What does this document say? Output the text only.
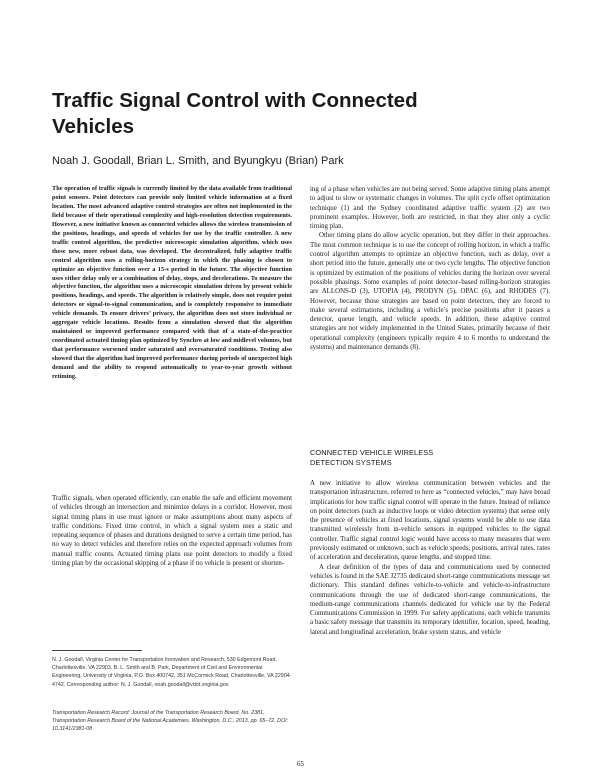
Traffic Signal Control with Connected Vehicles
Noah J. Goodall, Brian L. Smith, and Byungkyu (Brian) Park

The operation of traffic signals is currently limited by the data available from traditional point sensors. Point detectors can provide only limited vehicle information at a fixed location. The most advanced adaptive control strategies are often not implemented in the field because of their operational complexity and high-resolution detection requirements. However, a new initiative known as connected vehicles allows the wireless transmission of the positions, headings, and speeds of vehicles for use by the traffic controller. A new traffic control algorithm, the predictive microscopic simulation algorithm, which uses these new, more robust data, was developed. The decentralized, fully adaptive traffic control algorithm uses a rolling-horizon strategy in which the phasing is chosen to optimize an objective function over a 15-s period in the future. The objective function uses either delay only or a combination of delay, stops, and decelerations. To measure the objective function, the algorithm uses a microscopic simulation driven by present vehicle positions, headings, and speeds. The algorithm is relatively simple, does not require point detectors or signal-to-signal communication, and is completely responsive to immediate vehicle demands. To ensure drivers’ privacy, the algorithm does not store individual or aggregate vehicle locations. Results from a simulation showed that the algorithm maintained or improved performance compared with that of a state-of-the-practice coordinated actuated timing plan optimized by Synchro at low and midlevel volumes, but that performance worsened under saturated and oversaturated conditions. Testing also showed that the algorithm had improved performance during periods of unexpected high demand and the ability to respond automatically to year-to-year growth without retiming.

Traffic signals, when operated efficiently, can enable the safe and efficient movement of vehicles through an intersection and minimize delays in a corridor. However, most signal timing plans in use must ignore or make assumptions about many aspects of traffic conditions. Fixed time control, in which a signal system uses a static and repeating sequence of phases and durations designed to serve a certain time period, has no way to detect vehicles and therefore relies on the expected approach volumes from manual traffic counts. Actuated timing plans use point detectors to modify a fixed timing plan by the occasional skipping of a phase if no vehicle is present or shorten-

ing of a phase when vehicles are not being served. Some adaptive timing plans attempt to adjust to slow or systematic changes in volumes. The split cycle offset optimization technique (1) and the Sydney coordinated adaptive traffic system (2) are two prominent examples. However, both are restricted, in that they alter only a cyclic timing plan.

Other timing plans do allow acyclic operation, but they differ in their approaches. The most common technique is to use the concept of rolling horizon, in which a traffic control algorithm attempts to optimize an objective function, such as delay, over a short period into the future, generally one or two cycle lengths. The objective function is optimized by estimation of the positions of vehicles during the horizon over several possible phasings. Some examples of point detector–based rolling-horizon strategies are ALLONS-D (3), UTOPIA (4), PRODYN (5), OPAC (6), and RHODES (7). However, because those strategies are based on point detectors, they are forced to make several estimations, including a vehicle’s precise positions after it passes a detector, queue length, and vehicle speeds. In addition, these adaptive control strategies are not widely implemented in the United States, primarily because of their operational complexity (engineers typically require 4 to 6 months to understand the systems) and maintenance demands (8).

CONNECTED VEHICLE WIRELESS
DETECTION SYSTEMS

A new initiative to allow wireless communication between vehicles and the transportation infrastructure, referred to here as “connected vehicles,” may have broad implications for how traffic signal control will operate in the future. Instead of reliance on point detectors (such as inductive loops or video detection systems) that sense only the presence of vehicles at fixed locations, signal systems would be able to use data transmitted wirelessly from in-vehicle sensors in equipped vehicles to the signal controller. Traffic signal control logic would have access to many measures that were previously estimated or unknown, such as vehicle speeds, positions, arrival rates, rates of acceleration and deceleration, queue lengths, and stopped time.

A clear definition of the types of data and communications used by connected vehicles is found in the SAE J2735 dedicated short-range communications message set dictionary. This standard defines vehicle-to-vehicle and vehicle-to-infrastructure communications through the use of dedicated short-range communications, the medium-range communications channels dedicated for vehicle use by the Federal Communications Commission in 1999. For safety applications, each vehicle transmits a basic safety message that transmits its temporary identifier, location, speed, heading, lateral and longitudinal acceleration, brake system status, and vehicle

N. J. Goodall, Virginia Center for Transportation Innovation and Research, 530 Edgemont Road, Charlottesville, VA 22903. B. L. Smith and B. Park, Department of Civil and Environmental Engineering, University of Virginia, P.O. Box 400742, 351 McCormick Road, Charlottesville, VA 22904-4742. Corresponding author: N. J. Goodall, noah.goodall@vdot.virginia.gov.

Transportation Research Record: Journal of the Transportation Research Board, No. 2381, Transportation Research Board of the National Academies, Washington, D.C., 2013, pp. 65–72. DOI: 10.3141/2381-08

65
